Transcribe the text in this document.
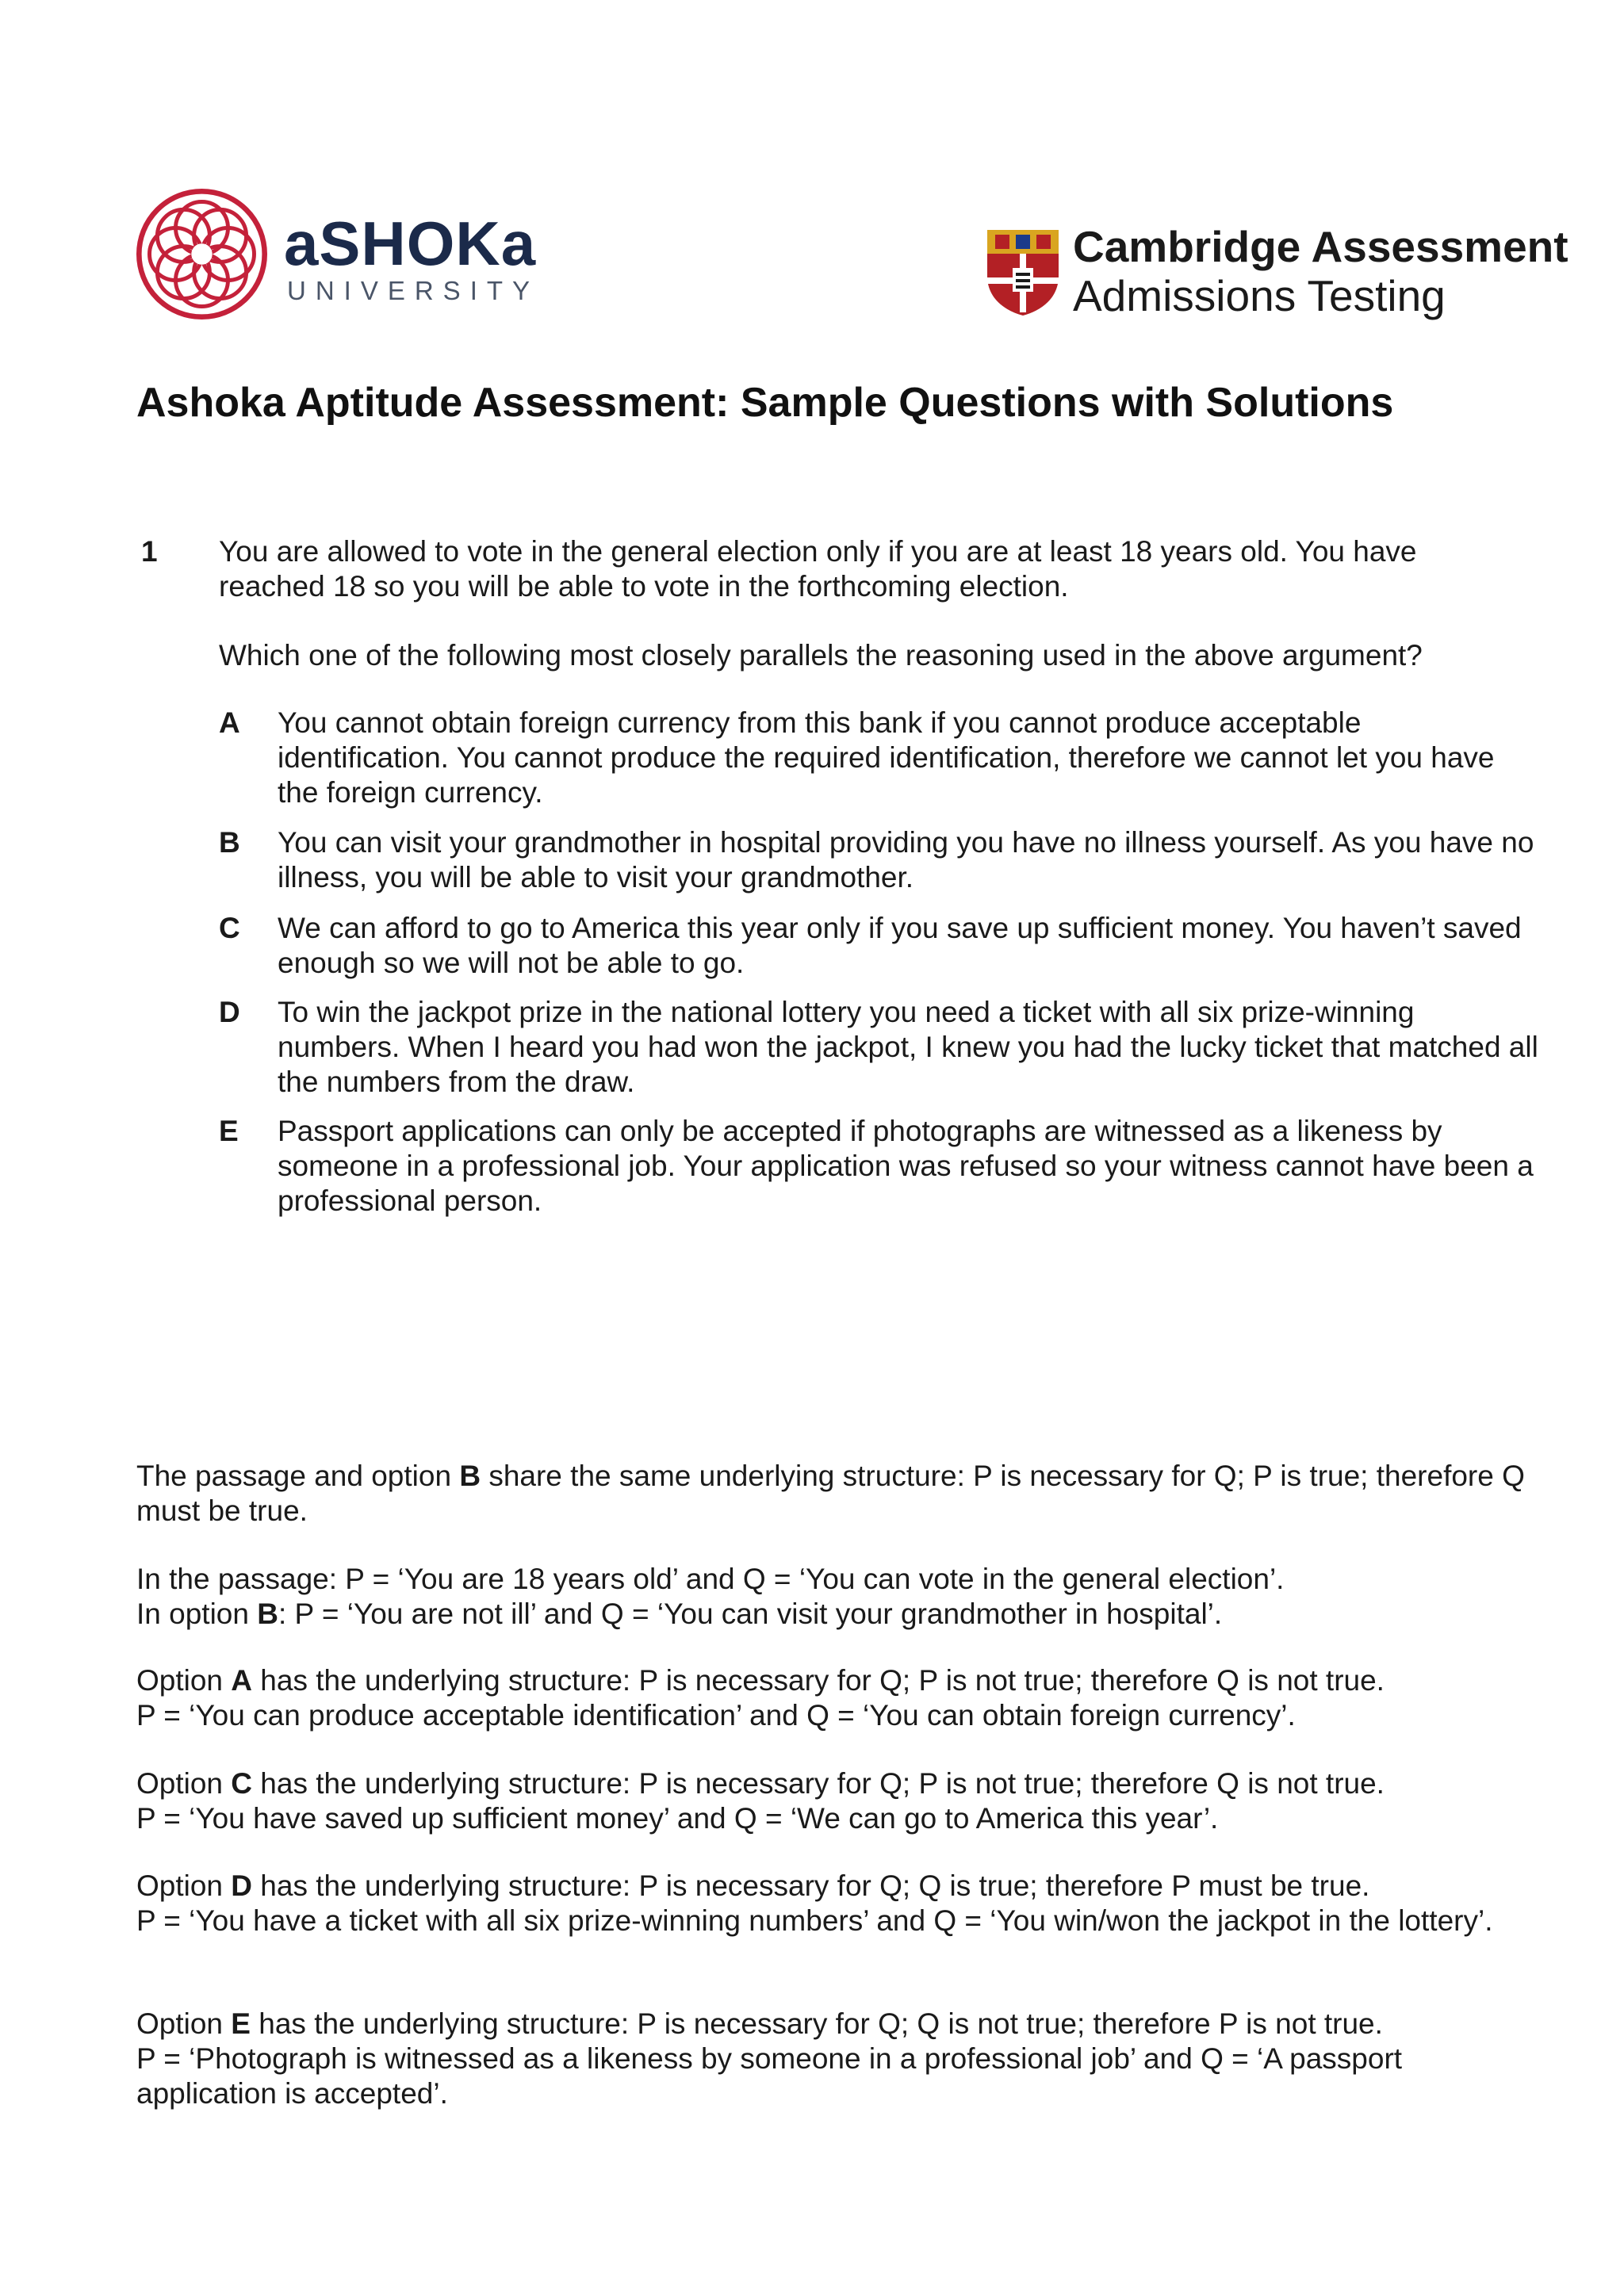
aSHOKa
UNIVERSITY
Cambridge Assessment
Admissions Testing
Ashoka Aptitude Assessment: Sample Questions with Solutions
1 You are allowed to vote in the general election only if you are at least 18 years old. You have reached 18 so you will be able to vote in the forthcoming election.
Which one of the following most closely parallels the reasoning used in the above argument?
A You cannot obtain foreign currency from this bank if you cannot produce acceptable identification. You cannot produce the required identification, therefore we cannot let you have the foreign currency.
B You can visit your grandmother in hospital providing you have no illness yourself. As you have no illness, you will be able to visit your grandmother.
C We can afford to go to America this year only if you save up sufficient money. You haven’t saved enough so we will not be able to go.
D To win the jackpot prize in the national lottery you need a ticket with all six prize-winning numbers. When I heard you had won the jackpot, I knew you had the lucky ticket that matched all the numbers from the draw.
E Passport applications can only be accepted if photographs are witnessed as a likeness by someone in a professional job. Your application was refused so your witness cannot have been a professional person.
The passage and option B share the same underlying structure: P is necessary for Q; P is true; therefore Q must be true.
In the passage: P = ‘You are 18 years old’ and Q = ‘You can vote in the general election’.
In option B: P = ‘You are not ill’ and Q = ‘You can visit your grandmother in hospital’.
Option A has the underlying structure: P is necessary for Q; P is not true; therefore Q is not true.
P = ‘You can produce acceptable identification’ and Q = ‘You can obtain foreign currency’.
Option C has the underlying structure: P is necessary for Q; P is not true; therefore Q is not true.
P = ‘You have saved up sufficient money’ and Q = ‘We can go to America this year’.
Option D has the underlying structure: P is necessary for Q; Q is true; therefore P must be true.
P = ‘You have a ticket with all six prize-winning numbers’ and Q = ‘You win/won the jackpot in the lottery’.
Option E has the underlying structure: P is necessary for Q; Q is not true; therefore P is not true.
P = ‘Photograph is witnessed as a likeness by someone in a professional job’ and Q = ‘A passport application is accepted’.
